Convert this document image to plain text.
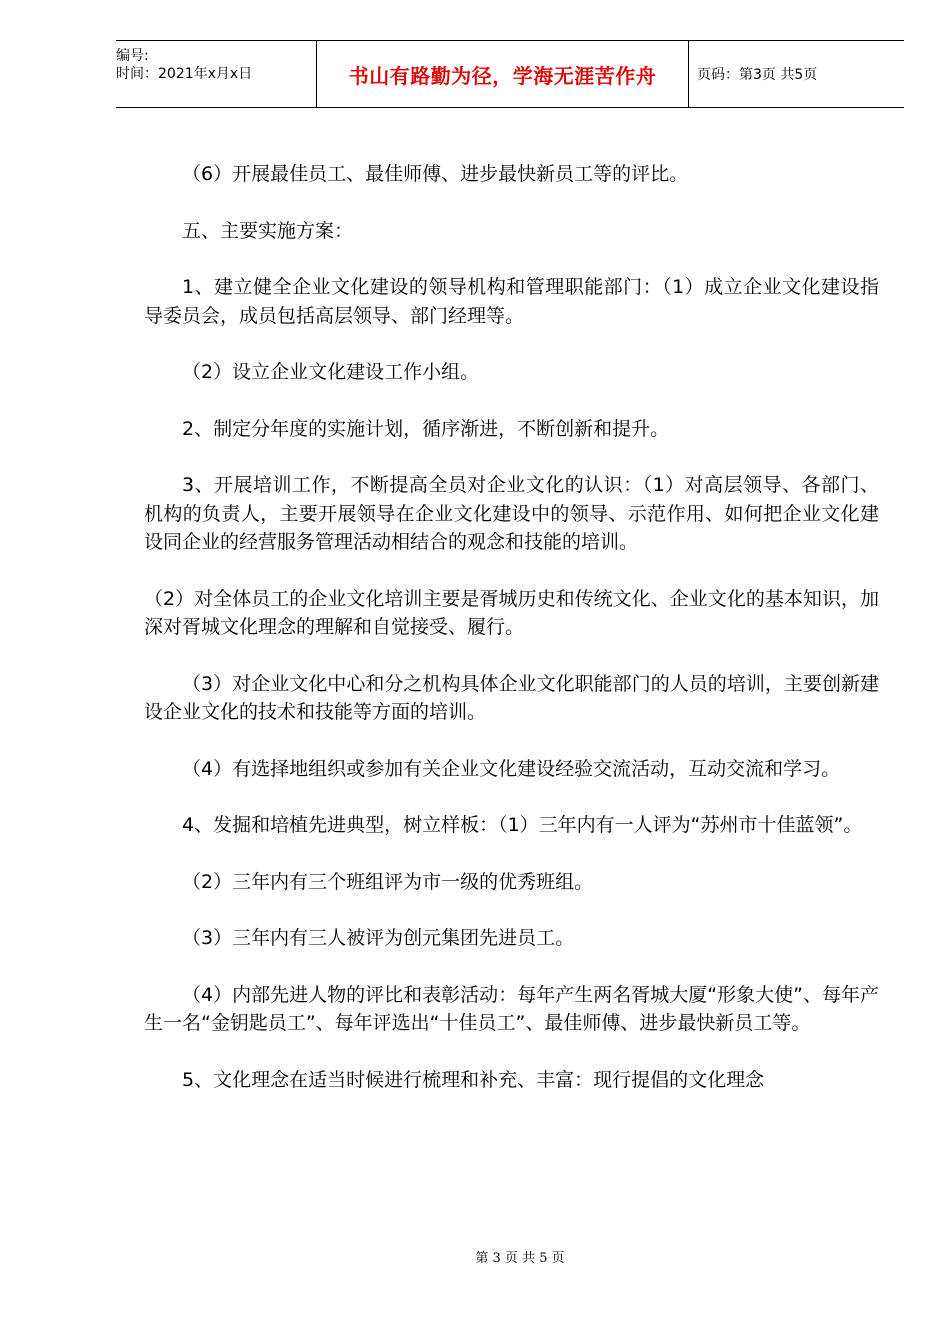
编号:
时间：2021年x月x日	书山有路勤为径，学海无涯苦作舟	页码：第3页 共5页

（6）开展最佳员工、最佳师傅、进步最快新员工等的评比。

五、主要实施方案：

1、建立健全企业文化建设的领导机构和管理职能部门：（1）成立企业文化建设指导委员会，成员包括高层领导、部门经理等。

（2）设立企业文化建设工作小组。

2、制定分年度的实施计划，循序渐进，不断创新和提升。

3、开展培训工作，不断提高全员对企业文化的认识：（1）对高层领导、各部门、机构的负责人，主要开展领导在企业文化建设中的领导、示范作用、如何把企业文化建设同企业的经营服务管理活动相结合的观念和技能的培训。

（2）对全体员工的企业文化培训主要是胥城历史和传统文化、企业文化的基本知识，加深对胥城文化理念的理解和自觉接受、履行。

（3）对企业文化中心和分之机构具体企业文化职能部门的人员的培训，主要创新建设企业文化的技术和技能等方面的培训。

（4）有选择地组织或参加有关企业文化建设经验交流活动，互动交流和学习。

4、发掘和培植先进典型，树立样板：（1）三年内有一人评为“苏州市十佳蓝领”。

（2）三年内有三个班组评为市一级的优秀班组。

（3）三年内有三人被评为创元集团先进员工。

（4）内部先进人物的评比和表彰活动：每年产生两名胥城大厦“形象大使”、每年产生一名“金钥匙员工”、每年评选出“十佳员工”、最佳师傅、进步最快新员工等。

5、文化理念在适当时候进行梳理和补充、丰富：现行提倡的文化理念

第 3 页 共 5 页
